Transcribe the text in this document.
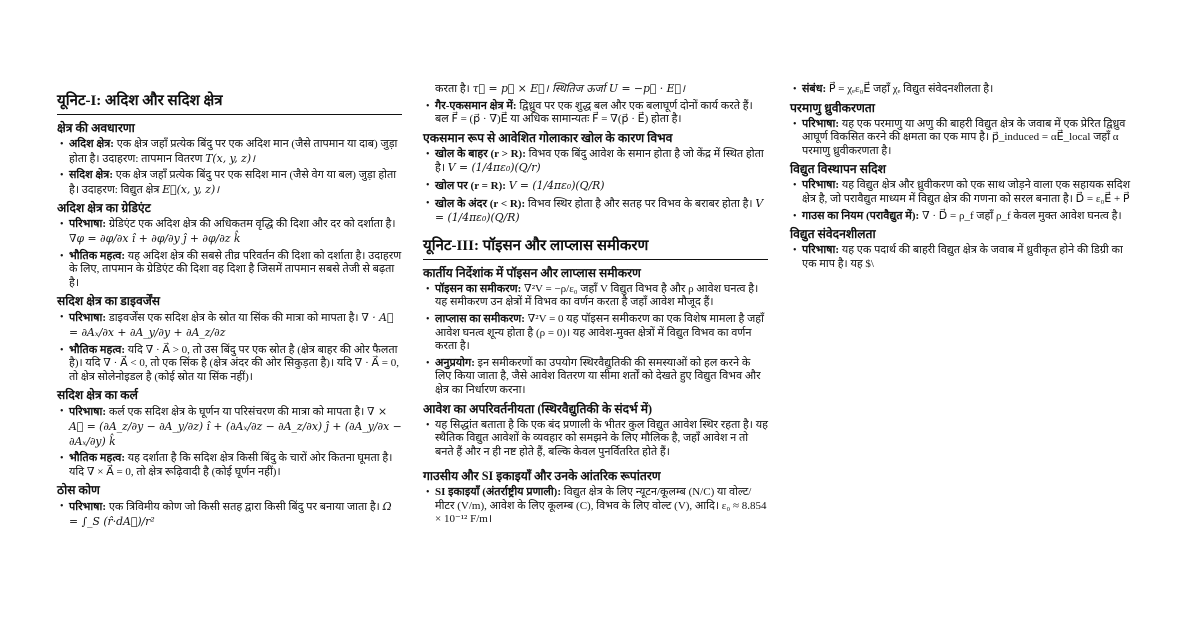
यूनिट-I: अदिश और सदिश क्षेत्र
क्षेत्र की अवधारणा
• अदिश क्षेत्र: एक क्षेत्र जहाँ प्रत्येक बिंदु पर एक अदिश मान (जैसे तापमान या दाब) जुड़ा होता है। उदाहरण: तापमान वितरण T(x, y, z)।
• सदिश क्षेत्र: एक क्षेत्र जहाँ प्रत्येक बिंदु पर एक सदिश मान (जैसे वेग या बल) जुड़ा होता है। उदाहरण: विद्युत क्षेत्र E⃗(x, y, z)।
अदिश क्षेत्र का ग्रेडिएंट
• परिभाषा: ग्रेडिएंट एक अदिश क्षेत्र की अधिकतम वृद्धि की दिशा और दर को दर्शाता है। ∇φ = ∂φ/∂x î + ∂φ/∂y ĵ + ∂φ/∂z k̂
• भौतिक महत्व: यह अदिश क्षेत्र की सबसे तीव्र परिवर्तन की दिशा को दर्शाता है। उदाहरण के लिए, तापमान के ग्रेडिएंट की दिशा वह दिशा है जिसमें तापमान सबसे तेजी से बढ़ता है।
सदिश क्षेत्र का डाइवर्जेंस
• परिभाषा: डाइवर्जेंस एक सदिश क्षेत्र के स्रोत या सिंक की मात्रा को मापता है। ∇ · A⃗ = ∂Aₓ/∂x + ∂A_y/∂y + ∂A_z/∂z
• भौतिक महत्व: यदि ∇ · A⃗ > 0, तो उस बिंदु पर एक स्रोत है (क्षेत्र बाहर की ओर फैलता है)। यदि ∇ · A⃗ < 0, तो एक सिंक है (क्षेत्र अंदर की ओर सिकुड़ता है)। यदि ∇ · A⃗ = 0, तो क्षेत्र सोलेनोइडल है (कोई स्रोत या सिंक नहीं)।
सदिश क्षेत्र का कर्ल
• परिभाषा: कर्ल एक सदिश क्षेत्र के घूर्णन या परिसंचरण की मात्रा को मापता है। ∇ × A⃗ = (∂A_z/∂y − ∂A_y/∂z) î + (∂Aₓ/∂z − ∂A_z/∂x) ĵ + (∂A_y/∂x − ∂Aₓ/∂y) k̂
• भौतिक महत्व: यह दर्शाता है कि सदिश क्षेत्र किसी बिंदु के चारों ओर कितना घूमता है। यदि ∇ × A⃗ = 0, तो क्षेत्र रूढ़िवादी है (कोई घूर्णन नहीं)।
ठोस कोण
• परिभाषा: एक त्रिविमीय कोण जो किसी सतह द्वारा किसी बिंदु पर बनाया जाता है। Ω = ∫_S (r̂·dA⃗)/r²
करता है। τ⃗ = p⃗ × E⃗। स्थितिज ऊर्जा U = −p⃗ · E⃗।
• गैर-एकसमान क्षेत्र में: द्विध्रुव पर एक शुद्ध बल और एक बलाघूर्ण दोनों कार्य करते हैं। बल F⃗ = (p⃗ · ∇)E⃗ या अधिक सामान्यतः F⃗ = ∇(p⃗ · E⃗) होता है।
एकसमान रूप से आवेशित गोलाकार खोल के कारण विभव
• खोल के बाहर (r > R): विभव एक बिंदु आवेश के समान होता है जो केंद्र में स्थित होता है। V = (1/4πε₀)(Q/r)
• खोल पर (r = R): V = (1/4πε₀)(Q/R)
• खोल के अंदर (r < R): विभव स्थिर होता है और सतह पर विभव के बराबर होता है। V = (1/4πε₀)(Q/R)
यूनिट-III: पॉइसन और लाप्लास समीकरण
कार्तीय निर्देशांक में पॉइसन और लाप्लास समीकरण
• पॉइसन का समीकरण: ∇²V = −ρ/ε₀ जहाँ V विद्युत विभव है और ρ आवेश घनत्व है। यह समीकरण उन क्षेत्रों में विभव का वर्णन करता है जहाँ आवेश मौजूद हैं।
• लाप्लास का समीकरण: ∇²V = 0 यह पॉइसन समीकरण का एक विशेष मामला है जहाँ आवेश घनत्व शून्य होता है (ρ = 0)। यह आवेश-मुक्त क्षेत्रों में विद्युत विभव का वर्णन करता है।
• अनुप्रयोग: इन समीकरणों का उपयोग स्थिरवैद्युतिकी की समस्याओं को हल करने के लिए किया जाता है, जैसे आवेश वितरण या सीमा शर्तों को देखते हुए विद्युत विभव और क्षेत्र का निर्धारण करना।
आवेश का अपरिवर्तनीयता (स्थिरवैद्युतिकी के संदर्भ में)
• यह सिद्धांत बताता है कि एक बंद प्रणाली के भीतर कुल विद्युत आवेश स्थिर रहता है। यह स्थैतिक विद्युत आवेशों के व्यवहार को समझने के लिए मौलिक है, जहाँ आवेश न तो बनते हैं और न ही नष्ट होते हैं, बल्कि केवल पुनर्वितरित होते हैं।
गाउसीय और SI इकाइयाँ और उनके आंतरिक रूपांतरण
• SI इकाइयाँ (अंतर्राष्ट्रीय प्रणाली): विद्युत क्षेत्र के लिए न्यूटन/कूलम्ब (N/C) या वोल्ट/मीटर (V/m), आवेश के लिए कूलम्ब (C), विभव के लिए वोल्ट (V), आदि। ε₀ ≈ 8.854 × 10⁻¹² F/m।
• संबंध: P⃗ = χₑε₀E⃗ जहाँ χₑ विद्युत संवेदनशीलता है।
परमाणु ध्रुवीकरणता
• परिभाषा: यह एक परमाणु या अणु की बाहरी विद्युत क्षेत्र के जवाब में एक प्रेरित द्विध्रुव आघूर्ण विकसित करने की क्षमता का एक माप है। p⃗_induced = αE⃗_local जहाँ α परमाणु ध्रुवीकरणता है।
विद्युत विस्थापन सदिश
• परिभाषा: यह विद्युत क्षेत्र और ध्रुवीकरण को एक साथ जोड़ने वाला एक सहायक सदिश क्षेत्र है, जो परावैद्युत माध्यम में विद्युत क्षेत्र की गणना को सरल बनाता है। D⃗ = ε₀E⃗ + P⃗
• गाउस का नियम (परावैद्युत में): ∇ · D⃗ = ρ_f जहाँ ρ_f केवल मुक्त आवेश घनत्व है।
विद्युत संवेदनशीलता
• परिभाषा: यह एक पदार्थ की बाहरी विद्युत क्षेत्र के जवाब में ध्रुवीकृत होने की डिग्री का एक माप है। यह $\
